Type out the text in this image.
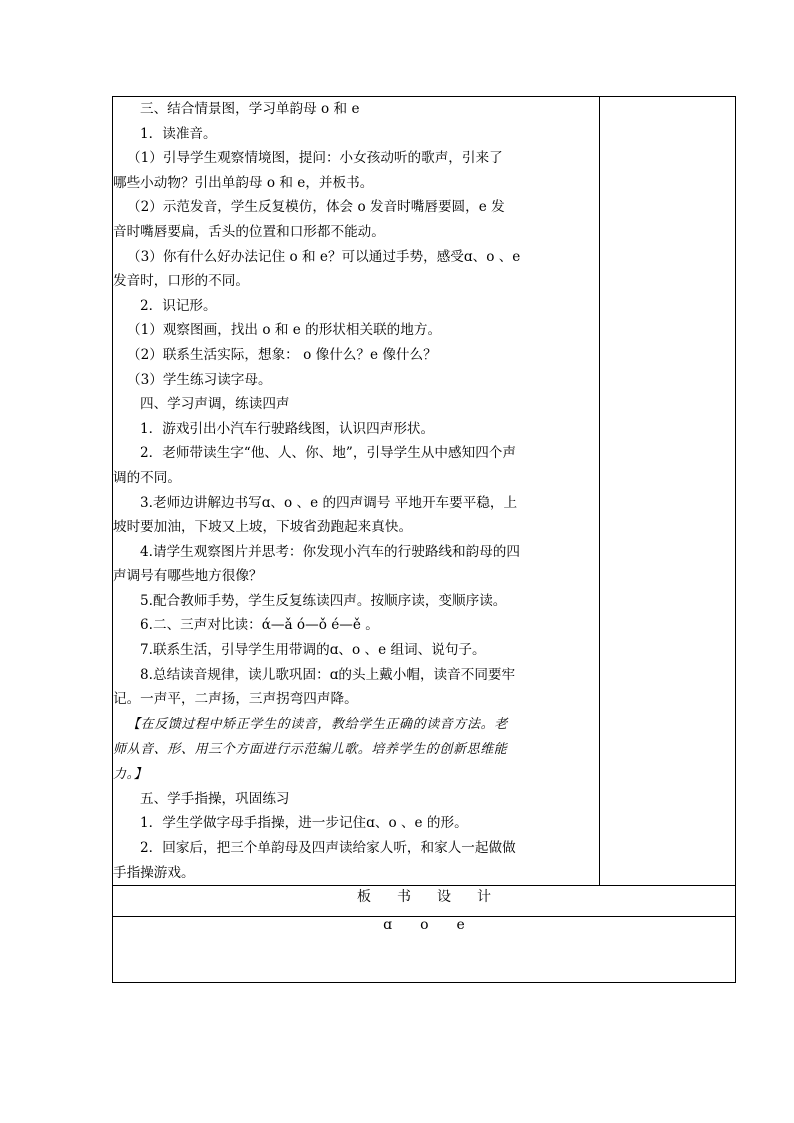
三、结合情景图，学习单韵母 o 和 e
1．读准音。
（1）引导学生观察情境图，提问：小女孩动听的歌声，引来了
哪些小动物？引出单韵母 o 和 e，并板书。
（2）示范发音，学生反复模仿，体会 o 发音时嘴唇要圆，e 发
音时嘴唇要扁，舌头的位置和口形都不能动。
（3）你有什么好办法记住 o 和 e？可以通过手势，感受ɑ、o 、e
发音时，口形的不同。
2．识记形。
（1）观察图画，找出 o 和 e 的形状相关联的地方。
（2）联系生活实际，想象： o 像什么？e 像什么？
（3）学生练习读字母。
四、学习声调，练读四声
1．游戏引出小汽车行驶路线图，认识四声形状。
2．老师带读生字“他、人、你、地”，引导学生从中感知四个声
调的不同。
3.老师边讲解边书写ɑ、o 、e 的四声调号 平地开车要平稳，上
坡时要加油，下坡又上坡，下坡省劲跑起来真快。
4.请学生观察图片并思考：你发现小汽车的行驶路线和韵母的四
声调号有哪些地方很像？
5.配合教师手势，学生反复练读四声。按顺序读，变顺序读。
6.二、三声对比读：ά—ǎ ó—ǒ é—ě 。
7.联系生活，引导学生用带调的ɑ、o 、e 组词、说句子。
8.总结读音规律，读儿歌巩固：ɑ的头上戴小帽，读音不同要牢
记。一声平，二声扬，三声拐弯四声降。
【在反馈过程中矫正学生的读音，教给学生正确的读音方法。老
师从音、形、用三个方面进行示范编儿歌。培养学生的创新思维能
力。】
五、学手指操，巩固练习
1．学生学做字母手指操，进一步记住ɑ、o 、e 的形。
2．回家后，把三个单韵母及四声读给家人听，和家人一起做做
手指操游戏。

板 书 设 计

ɑ o e
